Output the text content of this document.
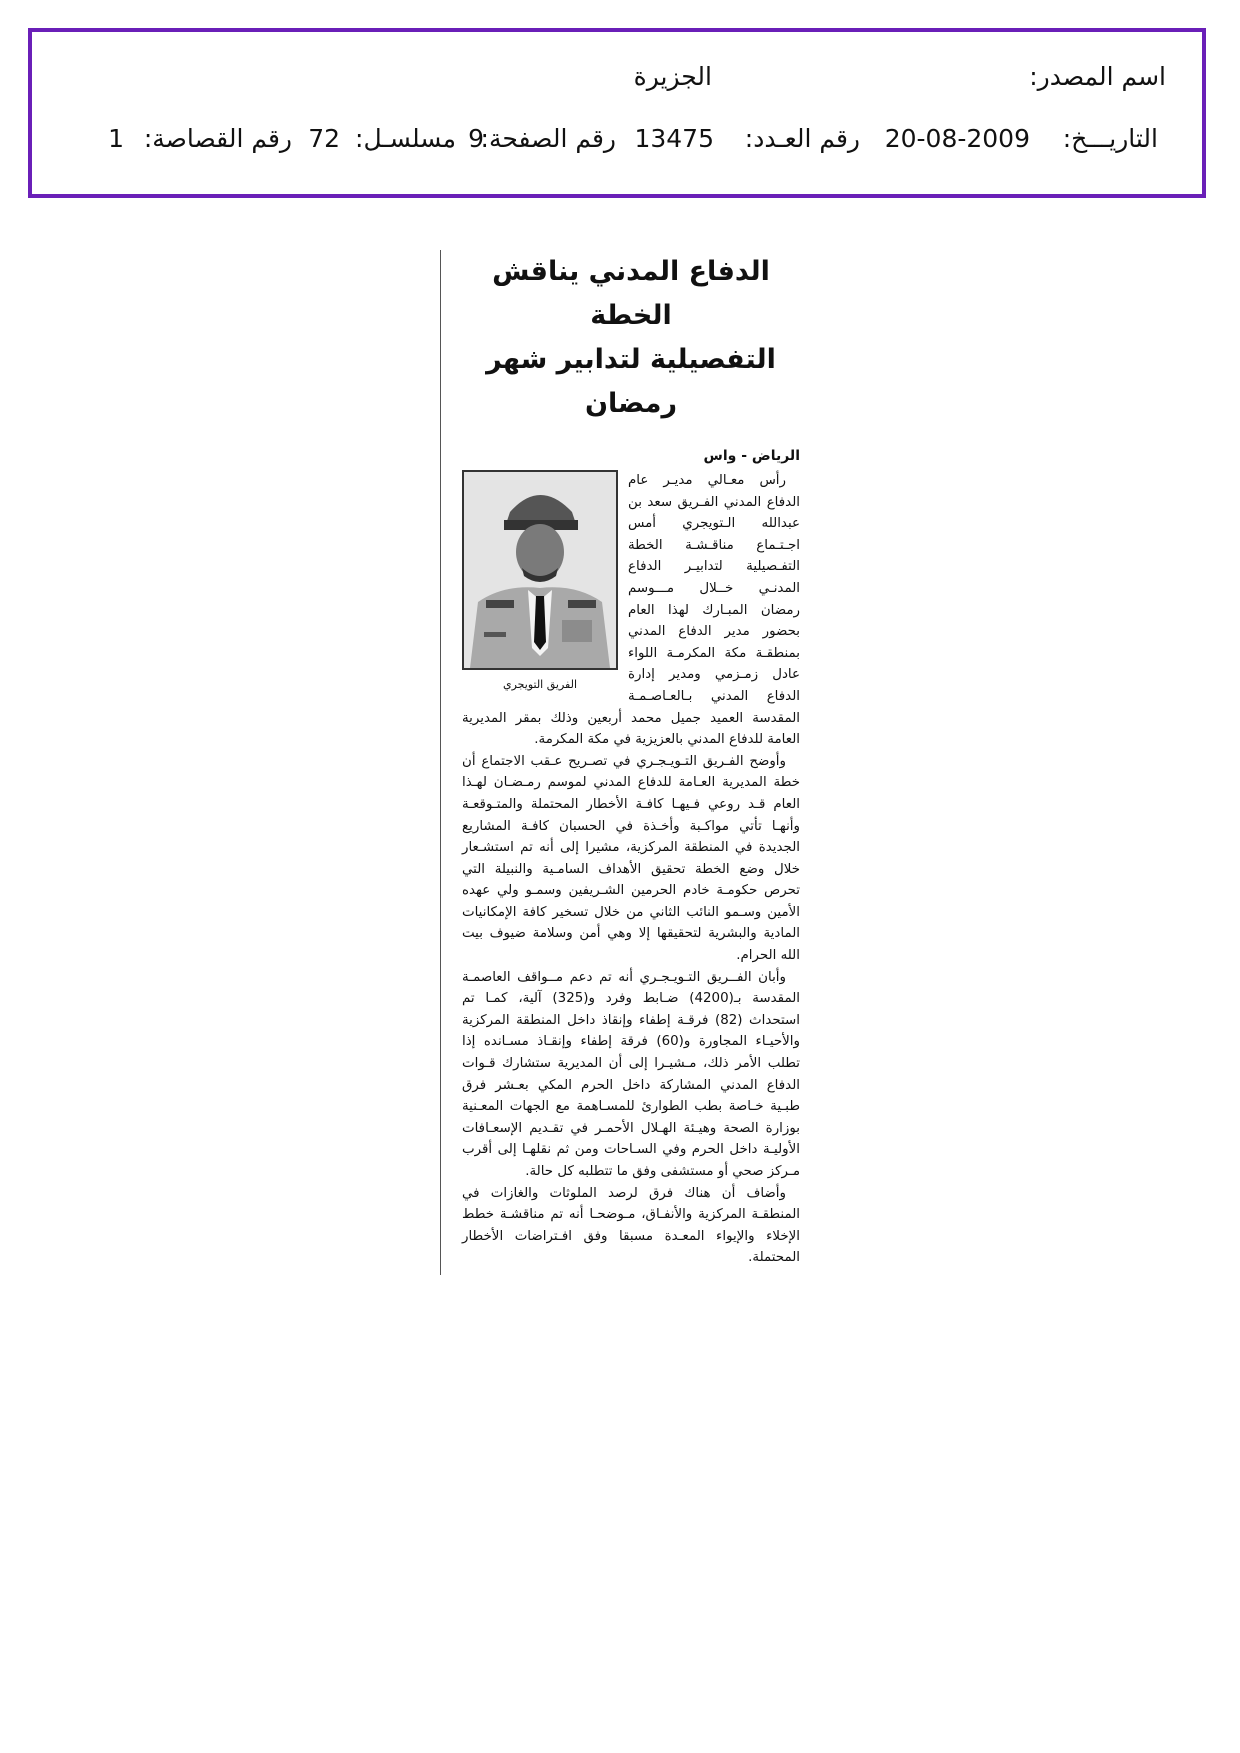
اسم المصدر:
الجزيرة
التاريـــخ:
20-08-2009
رقم العـدد:
13475
رقم الصفحة:
9
مسلسـل:
72
رقم القصاصة:
1
الدفاع المدني يناقش الخطة
التفصيلية لتدابير شهر رمضان
الرياض - واس
الفريق التويجري

رأس معـالي مديـر عام الدفاع المدني الفـريق سعد بن عبدالله الـتويجري أمس اجـتـماع مناقـشـة الخطة التفـصيلية لتدابيـر الدفاع المدنـي خــلال مـــوسم رمضان المبـارك لهذا العام بحضور مدير الدفاع المدني بمنطقـة مكة المكرمـة اللواء عادل زمـزمي ومدير إدارة الدفاع المدني بـالعـاصـمـة المقدسة العميد جميل محمد أربعين وذلك بمقر المديرية العامة للدفاع المدني بالعزيزية في مكة المكرمة.

وأوضح الفـريق التـويـجـري في تصـريح عـقب الاجتماع أن خطة المديرية العـامة للدفاع المدني لموسم رمـضـان لهـذا العام قـد روعي فـيهـا كافـة الأخطار المحتملة والمتـوقعـة وأنهـا تأتي مواكـبة وأخـذة في الحسبان كافـة المشاريع الجديدة في المنطقة المركزية، مشيرا إلى أنه تم استشـعار خلال وضع الخطة تحقيق الأهداف السامـية والنبيلة التي تحرص حكومـة خادم الحرمين الشـريفين وسمـو ولي عهده الأمين وسـمو النائب الثاني من خلال تسخير كافة الإمكانيات المادية والبشرية لتحقيقها إلا وهي أمن وسلامة ضيوف بيت الله الحرام.

وأبان الفــريق التـويـجـري أنه تم دعم مــواقف العاصمـة المقدسة بـ(4200) ضـابط وفرد و(325) آلية، كمـا تم استحداث (82) فرقـة إطفاء وإنقاذ داخل المنطقة المركزية والأحيـاء المجاورة و(60) فرقة إطفاء وإنقـاذ مسـانده إذا تطلب الأمر ذلك، مـشيـرا إلى أن المديرية ستشارك قـوات الدفاع المدني المشاركة داخل الحرم المكي بعـشر فرق طبـية خـاصة بطب الطوارئ للمسـاهمة مع الجهات المعـنية بوزارة الصحة وهيـئة الهـلال الأحمـر في تقـديم الإسعـافات الأوليـة داخل الحرم وفي السـاحات ومن ثم نقلهـا إلى أقرب مـركز صحي أو مستشفى وفق ما تتطلبه كل حالة.

وأضاف أن هناك فرق لرصد الملوثات والغازات في المنطقـة المركزية والأنفـاق، مـوضحـا أنه تم مناقشـة خطط الإخلاء والإيواء المعـدة مسبقا وفق افـتراضات الأخطار المحتملة.
